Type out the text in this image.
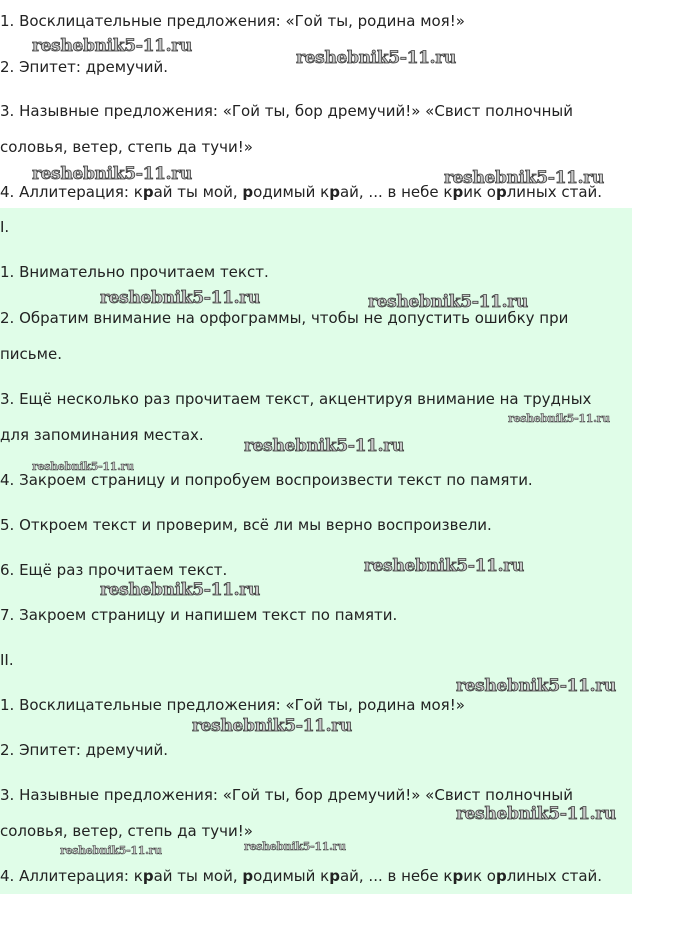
1. Восклицательные предложения: «Гой ты, родина моя!»
2. Эпитет: дремучий.
3. Назывные предложения: «Гой ты, бор дремучий!» «Свист полночный
соловья, ветер, степь да тучи!»
4. Аллитерация: край ты мой, родимый край, ... в небе крик орлиных стай.
I.
1. Внимательно прочитаем текст.
2. Обратим внимание на орфограммы, чтобы не допустить ошибку при
письме.
3. Ещё несколько раз прочитаем текст, акцентируя внимание на трудных
для запоминания местах.
4. Закроем страницу и попробуем воспроизвести текст по памяти.
5. Откроем текст и проверим, всё ли мы верно воспроизвели.
6. Ещё раз прочитаем текст.
7. Закроем страницу и напишем текст по памяти.
II.
1. Восклицательные предложения: «Гой ты, родина моя!»
2. Эпитет: дремучий.
3. Назывные предложения: «Гой ты, бор дремучий!» «Свист полночный
соловья, ветер, степь да тучи!»
4. Аллитерация: край ты мой, родимый край, ... в небе крик орлиных стай.
reshebnik5-11.ru
reshebnik5-11.ru
reshebnik5-11.ru	reshebnik5-11.ru
reshebnik5-11.ru	reshebnik5-11.ru
reshebnik5-11.ru
reshebnik5-11.ru
reshebnik5-11.ru
reshebnik5-11.ru
reshebnik5-11.ru
reshebnik5-11.ru
reshebnik5-11.ru
reshebnik5-11.ru
reshebnik5-11.ru	reshebnik5-11.ru
